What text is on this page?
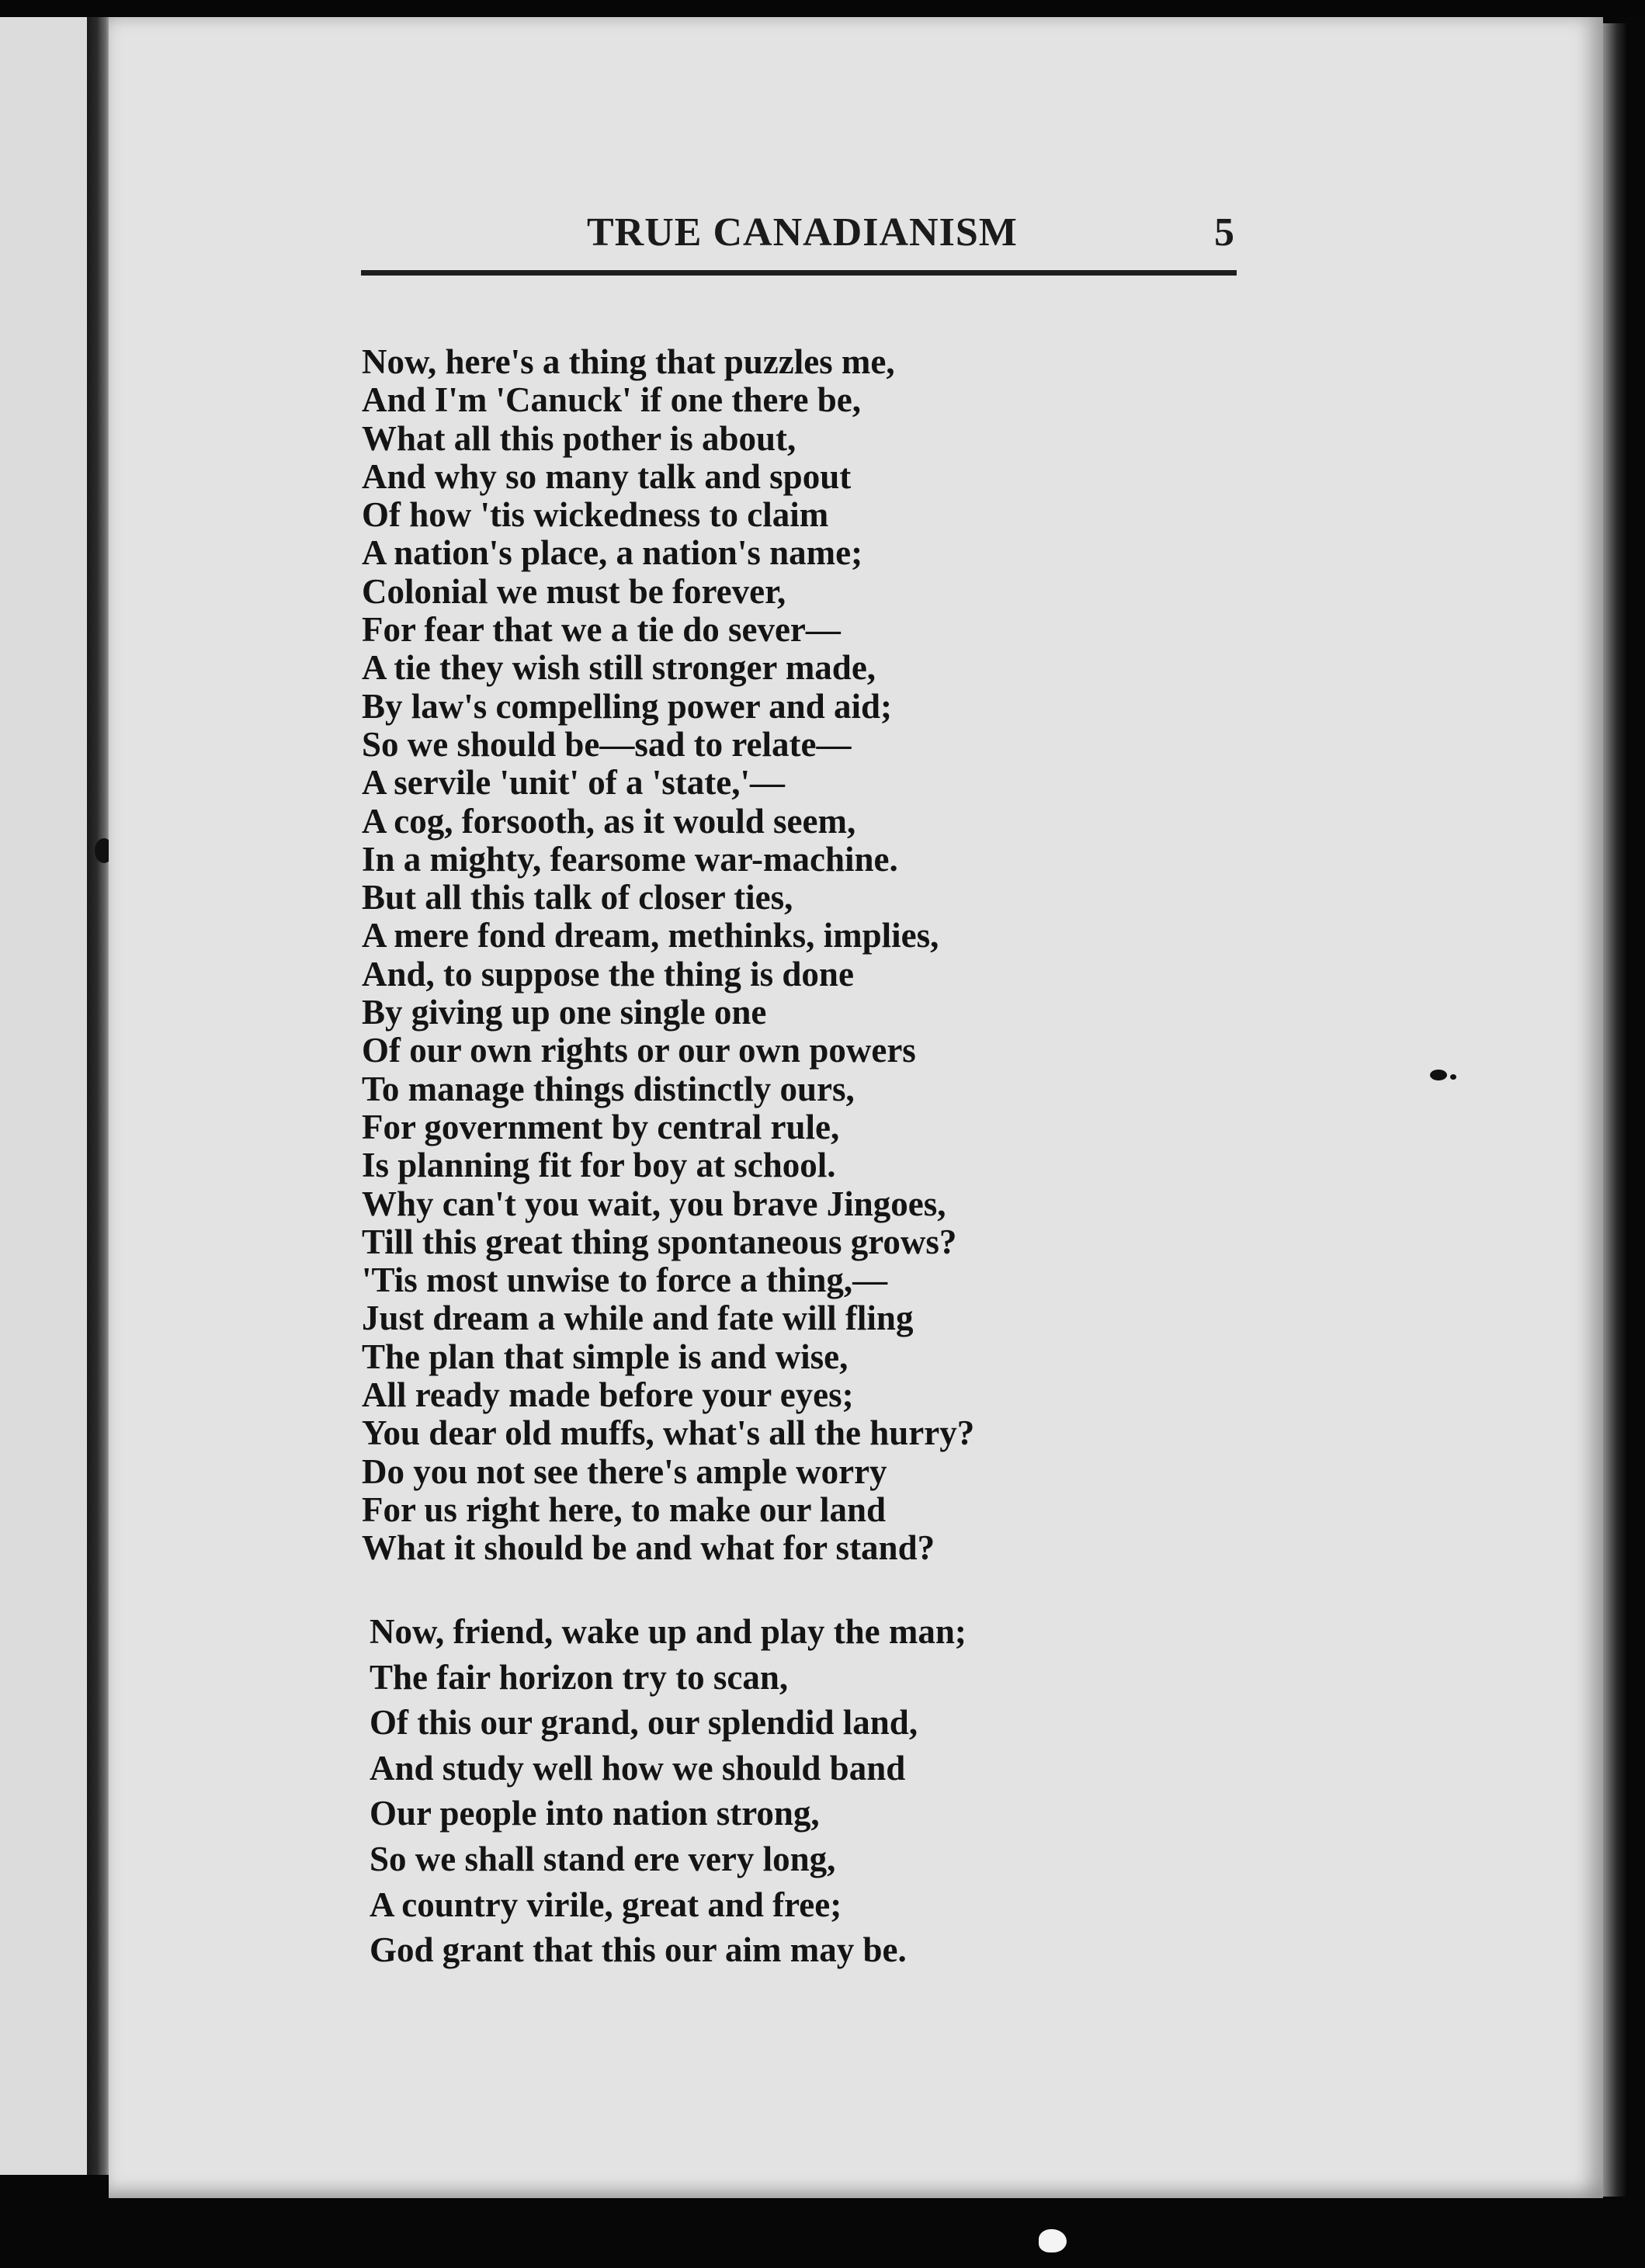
TRUE CANADIANISM	5
Now, here's a thing that puzzles me,
And I'm 'Canuck' if one there be,
What all this pother is about,
And why so many talk and spout
Of how 'tis wickedness to claim
A nation's place, a nation's name;
Colonial we must be forever,
For fear that we a tie do sever—
A tie they wish still stronger made,
By law's compelling power and aid;
So we should be—sad to relate—
A servile 'unit' of a 'state,'—
A cog, forsooth, as it would seem,
In a mighty, fearsome war-machine.
But all this talk of closer ties,
A mere fond dream, methinks, implies,
And, to suppose the thing is done
By giving up one single one
Of our own rights or our own powers
To manage things distinctly ours,
For government by central rule,
Is planning fit for boy at school.
Why can't you wait, you brave Jingoes,
Till this great thing spontaneous grows?
'Tis most unwise to force a thing,—
Just dream a while and fate will fling
The plan that simple is and wise,
All ready made before your eyes;
You dear old muffs, what's all the hurry?
Do you not see there's ample worry
For us right here, to make our land
What it should be and what for stand?
Now, friend, wake up and play the man;
The fair horizon try to scan,
Of this our grand, our splendid land,
And study well how we should band
Our people into nation strong,
So we shall stand ere very long,
A country virile, great and free;
God grant that this our aim may be.
